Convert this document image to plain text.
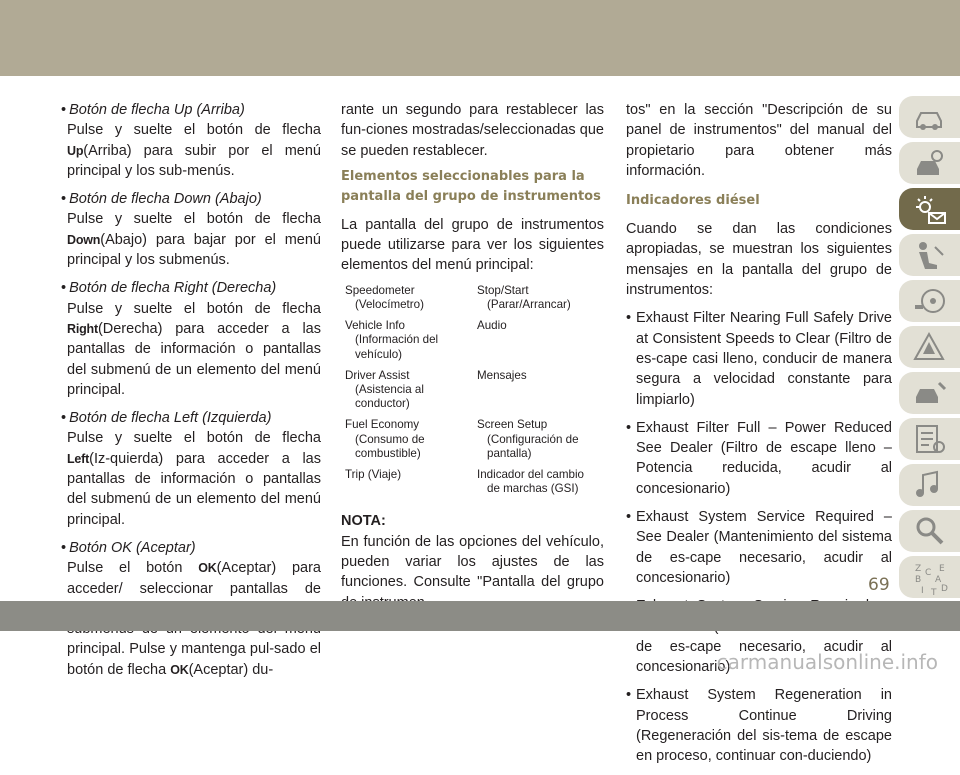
• Botón de flecha Up (Arriba)
Pulse y suelte el botón de flecha Up(Arriba) para subir por el menú principal y los sub-menús.
• Botón de flecha Down (Abajo)
Pulse y suelte el botón de flecha Down(Abajo) para bajar por el menú principal y los submenús.
• Botón de flecha Right (Derecha)
Pulse y suelte el botón de flecha Right(Derecha) para acceder a las pantallas de información o pantallas del submenú de un elemento del menú principal.
• Botón de flecha Left (Izquierda)
Pulse y suelte el botón de flecha Left(Iz-quierda) para acceder a las pantallas de información o pantallas del submenú de un elemento del menú principal.
• Botón OK (Aceptar)
Pulse el botón OK(Aceptar) para acceder/ seleccionar pantallas de principal. Pulse y mantenga pul-sado el botón de flecha OK(Aceptar) du-

rante un segundo para restablecer las fun-ciones mostradas/seleccionadas que se pueden restablecer.

Elementos seleccionables para la pantalla del grupo de instrumentos

La pantalla del grupo de instrumentos puede utilizarse para ver los siguientes elementos del menú principal:

Speedometer
(Velocímetro)	Stop/Start
(Parar/Arrancar)

Vehicle Info
(Información del vehículo)	Audio
Driver Assist
(Asistencia al conductor)	Mensajes
Fuel Economy
(Consumo de combustible)	Screen Setup
(Configuración de pantalla)

Trip (Viaje)	Indicador del cambio
de marchas (GSI)

NOTA:

En función de las opciones del vehículo, pueden variar los ajustes de las funciones. Consulte "Pantalla del grupo

tos" en la sección "Descripción de su panel de instrumentos" del manual del propietario para obtener más información.

Indicadores diésel

Cuando se dan las condiciones apropiadas, se muestran los siguientes mensajes en la pantalla del grupo de instrumentos:

• Exhaust Filter Nearing Full Safely Drive at Consistent Speeds to Clear (Filtro de es-cape casi lleno, conducir de manera segura a velocidad constante para limpiarlo)
• Exhaust Filter Full – Power Reduced See Dealer (Filtro de escape lleno – Potencia reducida, acudir al concesionario)
• Exhaust System Service Required – See Dealer (Mantenimiento del sistema de es-cape necesario, acudir al concesionario)
• de es-cape necesario, acudir al concesionario)
• Exhaust System Regeneration in Process Continue Driving (Regeneración del sis-tema de escape en proceso, continuar con-duciendo)
Z E
B A
I D
C
T
69
carmanualsonline.info
